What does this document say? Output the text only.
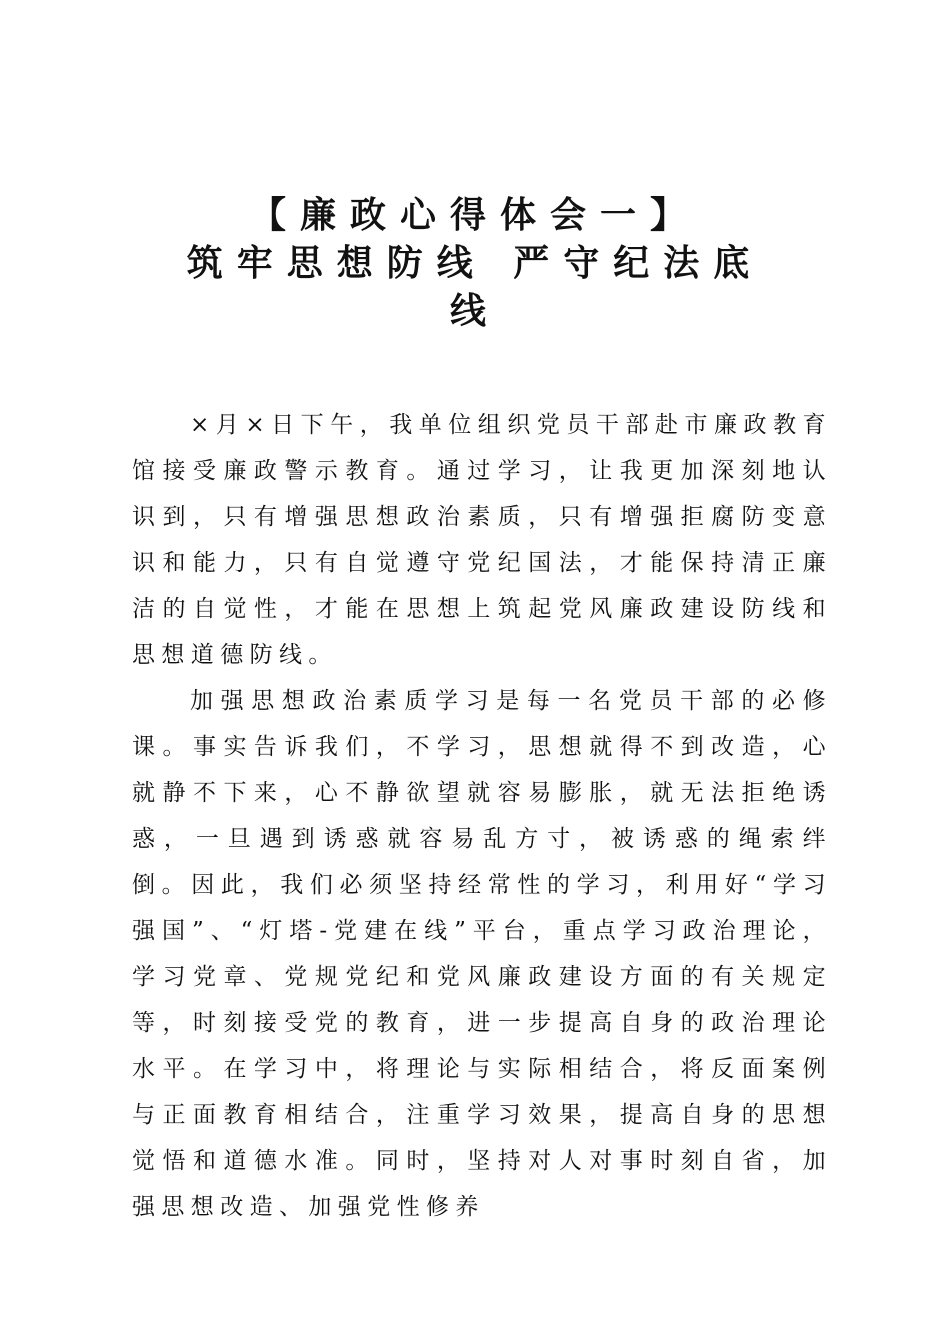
【廉政心得体会一】

筑牢思想防线 严守纪法底

线

×月×日下午，我单位组织党员干部赴市廉政教育馆接受廉政警示教育。通过学习，让我更加深刻地认识到，只有增强思想政治素质，只有增强拒腐防变意识和能力，只有自觉遵守党纪国法，才能保持清正廉洁的自觉性，才能在思想上筑起党风廉政建设防线和思想道德防线。

加强思想政治素质学习是每一名党员干部的必修课。事实告诉我们，不学习，思想就得不到改造，心就静不下来，心不静欲望就容易膨胀，就无法拒绝诱惑，一旦遇到诱惑就容易乱方寸，被诱惑的绳索绊倒。因此，我们必须坚持经常性的学习，利用好“学习强国”、“灯塔-党建在线”平台，重点学习政治理论，学习党章、党规党纪和党风廉政建设方面的有关规定等，时刻接受党的教育，进一步提高自身的政治理论水平。在学习中，将理论与实际相结合，将反面案例与正面教育相结合，注重学习效果，提高自身的思想觉悟和道德水准。同时，坚持对人对事时刻自省，加强思想改造、加强党性修养
